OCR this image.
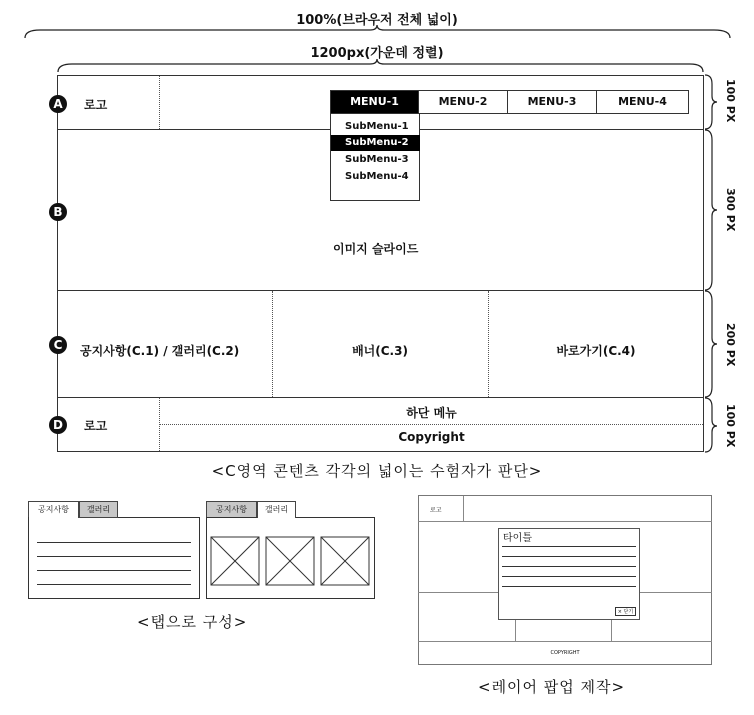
100%(브라우저 전체 넓이)
1200px(가운데 정렬)
로고	MENU-1	MENU-2	MENU-3	MENU-4
SubMenu-1
SubMenu-2
SubMenu-3
SubMenu-4
이미지 슬라이드
공지사항(C.1) / 갤러리(C.2)	배너(C.3)	바로가기(C.4)
로고
하단 메뉴
Copyright
A
B
C
D
100 PX
300 PX
200 PX
100 PX
<C영역 콘텐츠 각각의 넓이는 수험자가 판단>
공지사항	갤러리	공지사항	갤러리
<탭으로 구성>
로고
COPYRIGHT
타이틀
× 닫기
<레이어 팝업 제작>
